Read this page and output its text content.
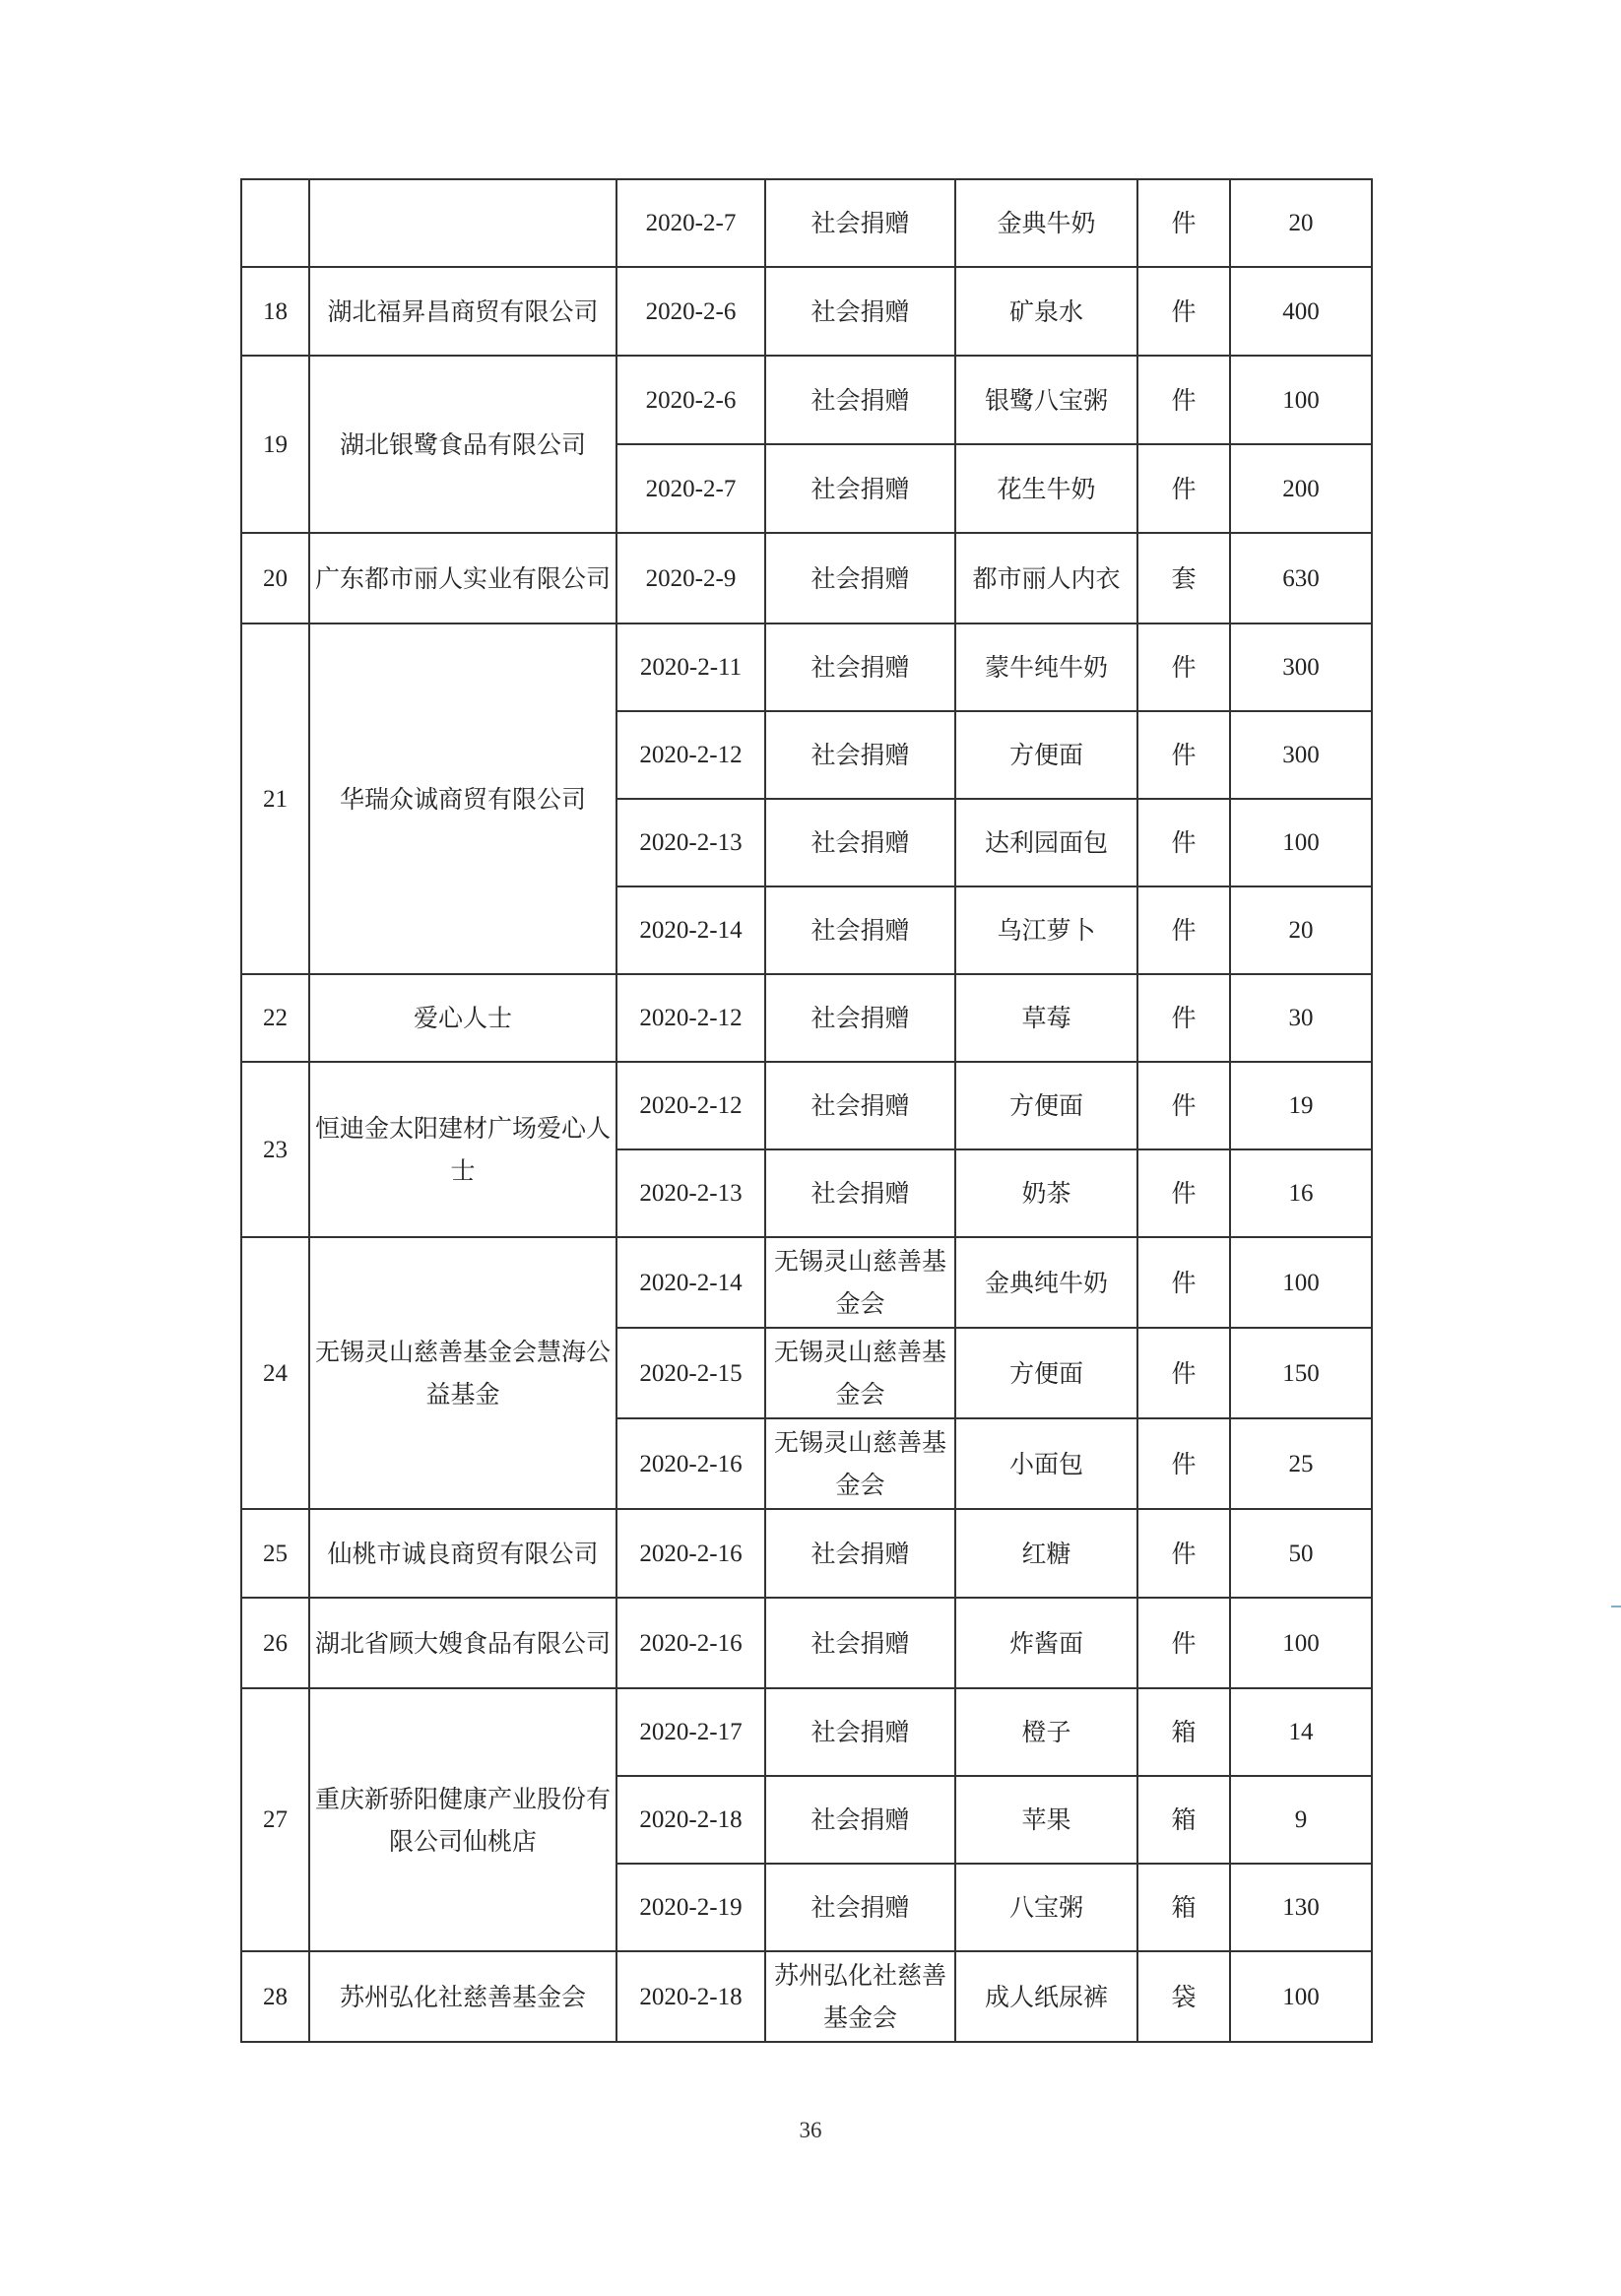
		2020-2-7	社会捐赠	金典牛奶	件	20
18	湖北福昇昌商贸有限公司	2020-2-6	社会捐赠	矿泉水	件	400
19	湖北银鹭食品有限公司	2020-2-6	社会捐赠	银鹭八宝粥	件	100
		2020-2-7	社会捐赠	花生牛奶	件	200
20	广东都市丽人实业有限公司	2020-2-9	社会捐赠	都市丽人内衣	套	630
21	华瑞众诚商贸有限公司	2020-2-11	社会捐赠	蒙牛纯牛奶	件	300
		2020-2-12	社会捐赠	方便面	件	300
		2020-2-13	社会捐赠	达利园面包	件	100
		2020-2-14	社会捐赠	乌江萝卜	件	20
22	爱心人士	2020-2-12	社会捐赠	草莓	件	30
23	恒迪金太阳建材广场爱心人士	2020-2-12	社会捐赠	方便面	件	19
		2020-2-13	社会捐赠	奶茶	件	16
24	无锡灵山慈善基金会慧海公益基金	2020-2-14	无锡灵山慈善基金会	金典纯牛奶	件	100
		2020-2-15	无锡灵山慈善基金会	方便面	件	150
		2020-2-16	无锡灵山慈善基金会	小面包	件	25
25	仙桃市诚良商贸有限公司	2020-2-16	社会捐赠	红糖	件	50
26	湖北省顾大嫂食品有限公司	2020-2-16	社会捐赠	炸酱面	件	100
27	重庆新骄阳健康产业股份有限公司仙桃店	2020-2-17	社会捐赠	橙子	箱	14
		2020-2-18	社会捐赠	苹果	箱	9
		2020-2-19	社会捐赠	八宝粥	箱	130
28	苏州弘化社慈善基金会	2020-2-18	苏州弘化社慈善基金会	成人纸尿裤	袋	100
36
